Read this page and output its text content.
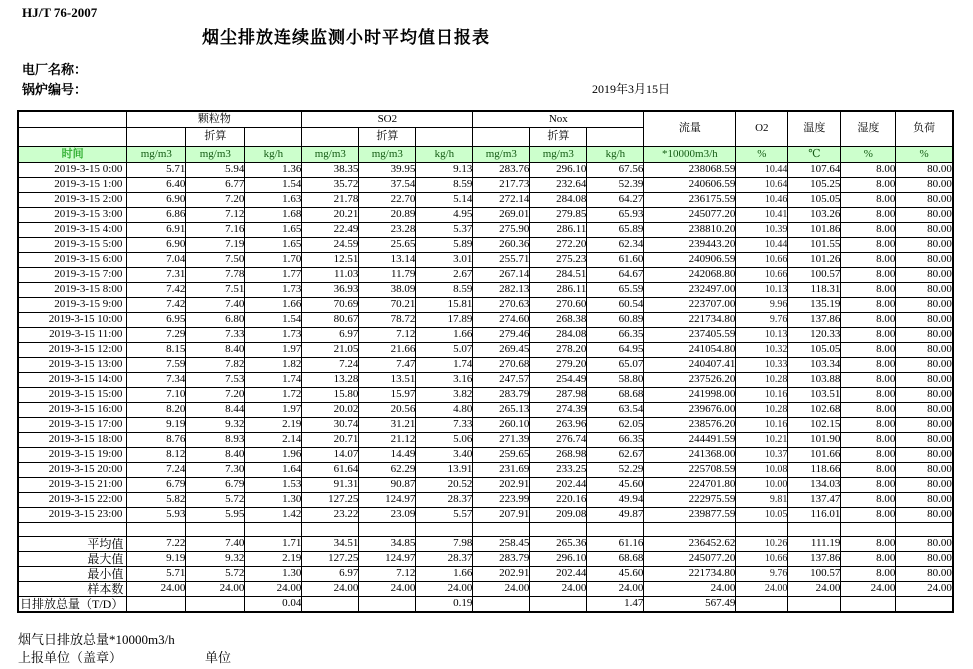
HJ/T 76-2007
烟尘排放连续监测小时平均值日报表
电厂名称：
锅炉编号：	2019年3月15日
	颗粒物			SO2			Nox			流量	O2	温度	湿度	负荷
		折算			折算			折算						
时间	mg/m3	mg/m3	kg/h	mg/m3	mg/m3	kg/h	mg/m3	mg/m3	kg/h	*10000m3/h	%	℃	%	%
2019-3-15 0:00	5.71	5.94	1.36	38.35	39.95	9.13	283.76	296.10	67.56	238068.59	10.44	107.64	8.00	80.00
2019-3-15 1:00	6.40	6.77	1.54	35.72	37.54	8.59	217.73	232.64	52.39	240606.59	10.64	105.25	8.00	80.00
2019-3-15 2:00	6.90	7.20	1.63	21.78	22.70	5.14	272.14	284.08	64.27	236175.59	10.46	105.05	8.00	80.00
2019-3-15 3:00	6.86	7.12	1.68	20.21	20.89	4.95	269.01	279.85	65.93	245077.20	10.41	103.26	8.00	80.00
2019-3-15 4:00	6.91	7.16	1.65	22.49	23.28	5.37	275.90	286.11	65.89	238810.20	10.39	101.86	8.00	80.00
2019-3-15 5:00	6.90	7.19	1.65	24.59	25.65	5.89	260.36	272.20	62.34	239443.20	10.44	101.55	8.00	80.00
2019-3-15 6:00	7.04	7.50	1.70	12.51	13.14	3.01	255.71	275.23	61.60	240906.59	10.66	101.26	8.00	80.00
2019-3-15 7:00	7.31	7.78	1.77	11.03	11.79	2.67	267.14	284.51	64.67	242068.80	10.66	100.57	8.00	80.00
2019-3-15 8:00	7.42	7.51	1.73	36.93	38.09	8.59	282.13	286.11	65.59	232497.00	10.13	118.31	8.00	80.00
2019-3-15 9:00	7.42	7.40	1.66	70.69	70.21	15.81	270.63	270.60	60.54	223707.00	9.96	135.19	8.00	80.00
2019-3-15 10:00	6.95	6.80	1.54	80.67	78.72	17.89	274.60	268.38	60.89	221734.80	9.76	137.86	8.00	80.00
2019-3-15 11:00	7.29	7.33	1.73	6.97	7.12	1.66	279.46	284.08	66.35	237405.59	10.13	120.33	8.00	80.00
2019-3-15 12:00	8.15	8.40	1.97	21.05	21.66	5.07	269.45	278.20	64.95	241054.80	10.32	105.05	8.00	80.00
2019-3-15 13:00	7.59	7.82	1.82	7.24	7.47	1.74	270.68	279.20	65.07	240407.41	10.33	103.34	8.00	80.00
2019-3-15 14:00	7.34	7.53	1.74	13.28	13.51	3.16	247.57	254.49	58.80	237526.20	10.28	103.88	8.00	80.00
2019-3-15 15:00	7.10	7.20	1.72	15.80	15.97	3.82	283.79	287.98	68.68	241998.00	10.16	103.51	8.00	80.00
2019-3-15 16:00	8.20	8.44	1.97	20.02	20.56	4.80	265.13	274.39	63.54	239676.00	10.28	102.68	8.00	80.00
2019-3-15 17:00	9.19	9.32	2.19	30.74	31.21	7.33	260.10	263.96	62.05	238576.20	10.16	102.15	8.00	80.00
2019-3-15 18:00	8.76	8.93	2.14	20.71	21.12	5.06	271.39	276.74	66.35	244491.59	10.21	101.90	8.00	80.00
2019-3-15 19:00	8.12	8.40	1.96	14.07	14.49	3.40	259.65	268.98	62.67	241368.00	10.37	101.66	8.00	80.00
2019-3-15 20:00	7.24	7.30	1.64	61.64	62.29	13.91	231.69	233.25	52.29	225708.59	10.08	118.66	8.00	80.00
2019-3-15 21:00	6.79	6.79	1.53	91.31	90.87	20.52	202.91	202.44	45.60	224701.80	10.00	134.03	8.00	80.00
2019-3-15 22:00	5.82	5.72	1.30	127.25	124.97	28.37	223.99	220.16	49.94	222975.59	9.81	137.47	8.00	80.00
2019-3-15 23:00	5.93	5.95	1.42	23.22	23.09	5.57	207.91	209.08	49.87	239877.59	10.05	116.01	8.00	80.00

平均值	7.22	7.40	1.71	34.51	34.85	7.98	258.45	265.36	61.16	236452.62	10.26	111.19	8.00	80.00
最大值	9.19	9.32	2.19	127.25	124.97	28.37	283.79	296.10	68.68	245077.20	10.66	137.86	8.00	80.00
最小值	5.71	5.72	1.30	6.97	7.12	1.66	202.91	202.44	45.60	221734.80	9.76	100.57	8.00	80.00
样本数	24.00	24.00	24.00	24.00	24.00	24.00	24.00	24.00	24.00	24.00	24.00	24.00	24.00	24.00
日排放总量（T/D）			0.04			0.19			1.47	567.49				
烟气日排放总量*10000m3/h
上报单位（盖章）	单位
